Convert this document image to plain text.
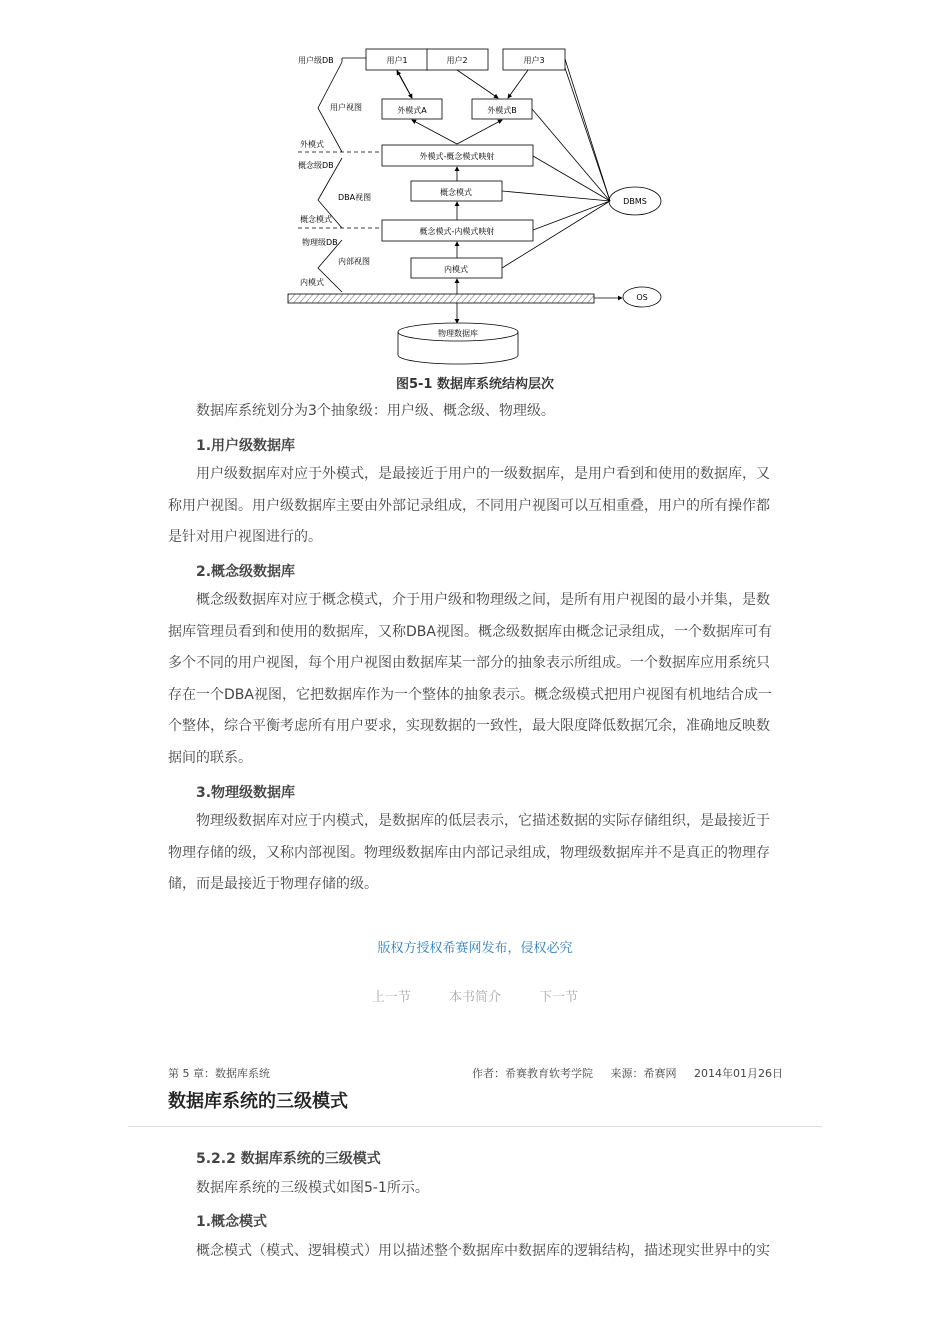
用户级DB
用户视图
外模式
概念级DB
DBA视图
概念模式
物理级DB
内部视图
内模式
用户1	用户2	用户3
外模式A	外模式B
外模式-概念模式映射
概念模式
概念模式-内模式映射
内模式
OS
DBMS
物理数据库
图5-1 数据库系统结构层次
数据库系统划分为3个抽象级：用户级、概念级、物理级。
1.用户级数据库
用户级数据库对应于外模式，是最接近于用户的一级数据库，是用户看到和使用的数据库，又
称用户视图。用户级数据库主要由外部记录组成，不同用户视图可以互相重叠，用户的所有操作都
是针对用户视图进行的。
2.概念级数据库
概念级数据库对应于概念模式，介于用户级和物理级之间，是所有用户视图的最小并集，是数
据库管理员看到和使用的数据库，又称DBA视图。概念级数据库由概念记录组成，一个数据库可有
多个不同的用户视图，每个用户视图由数据库某一部分的抽象表示所组成。一个数据库应用系统只
存在一个DBA视图，它把数据库作为一个整体的抽象表示。概念级模式把用户视图有机地结合成一
个整体，综合平衡考虑所有用户要求，实现数据的一致性，最大限度降低数据冗余，准确地反映数
据间的联系。
3.物理级数据库
物理级数据库对应于内模式，是数据库的低层表示，它描述数据的实际存储组织，是最接近于
物理存储的级，又称内部视图。物理级数据库由内部记录组成，物理级数据库并不是真正的物理存
储，而是最接近于物理存储的级。
版权方授权希赛网发布，侵权必究
上一节	本书简介	下一节
第 5 章：数据库系统	作者：希赛教育软考学院 来源：希赛网 2014年01月26日
数据库系统的三级模式
5.2.2 数据库系统的三级模式
数据库系统的三级模式如图5-1所示。
1.概念模式
概念模式（模式、逻辑模式）用以描述整个数据库中数据库的逻辑结构，描述现实世界中的实
